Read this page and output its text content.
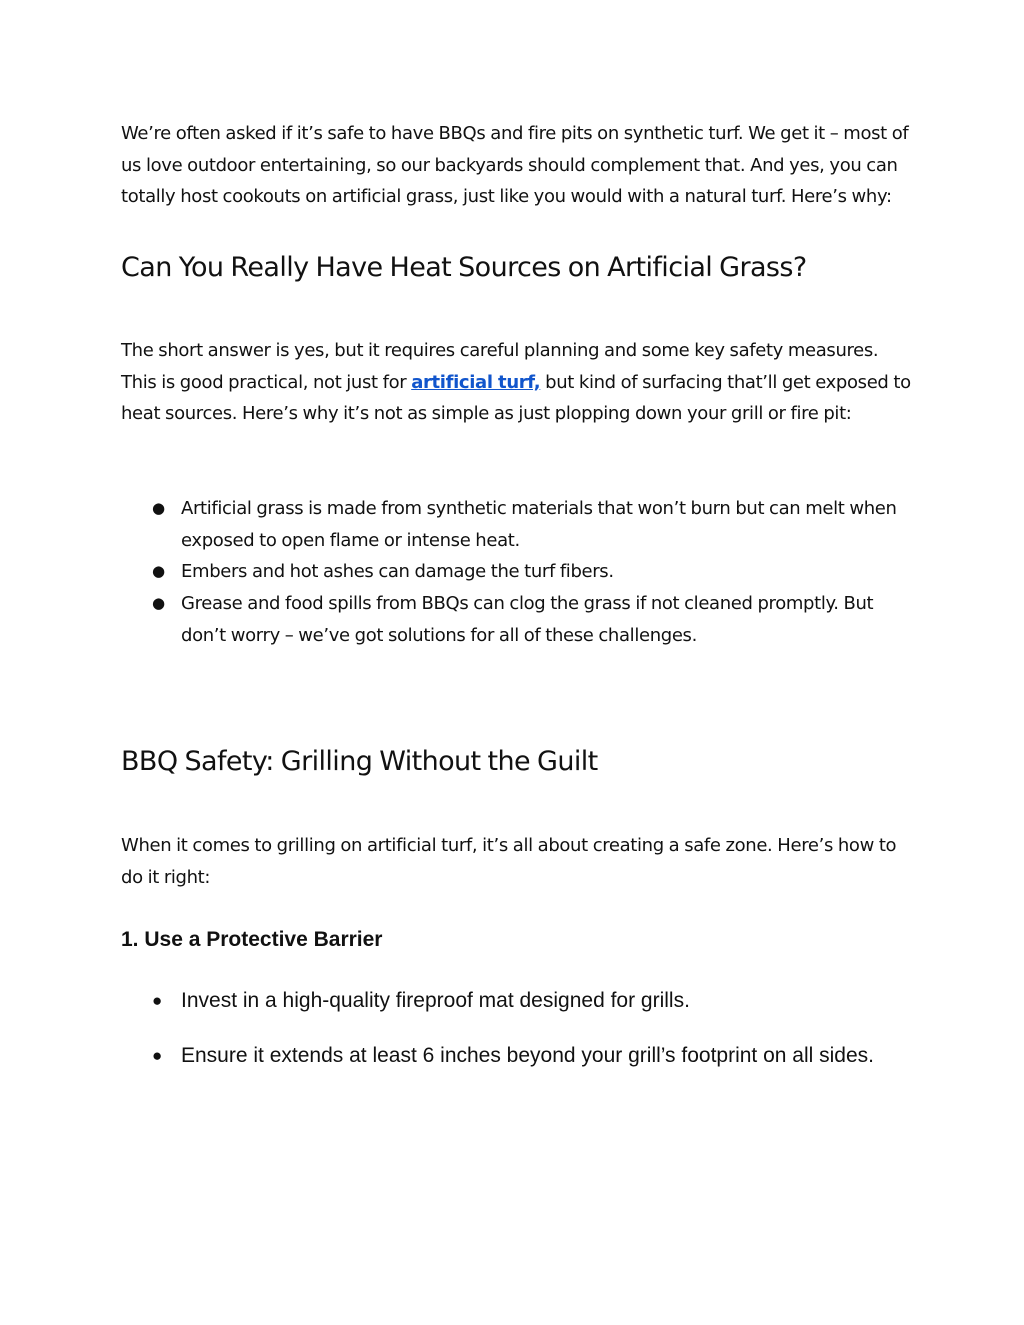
We’re often asked if it’s safe to have BBQs and fire pits on synthetic turf. We get it – most of us love outdoor entertaining, so our backyards should complement that. And yes, you can totally host cookouts on artificial grass, just like you would with a natural turf. Here’s why:

Can You Really Have Heat Sources on Artificial Grass?

The short answer is yes, but it requires careful planning and some key safety measures. This is good practical, not just for artificial turf, but kind of surfacing that’ll get exposed to heat sources. Here’s why it’s not as simple as just plopping down your grill or fire pit:

● Artificial grass is made from synthetic materials that won’t burn but can melt when exposed to open flame or intense heat.
● Embers and hot ashes can damage the turf fibers.
● Grease and food spills from BBQs can clog the grass if not cleaned promptly. But don’t worry – we’ve got solutions for all of these challenges.
BBQ Safety: Grilling Without the Guilt

When it comes to grilling on artificial turf, it’s all about creating a safe zone. Here’s how to do it right:

1. Use a Protective Barrier
● Invest in a high-quality fireproof mat designed for grills.
● Ensure it extends at least 6 inches beyond your grill’s footprint on all sides.
